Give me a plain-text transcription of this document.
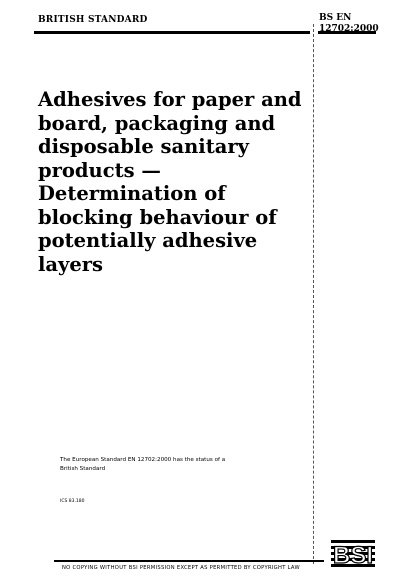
BRITISH STANDARD	BS EN
12702:2000
Adhesives for paper and
board, packaging and
disposable sanitary
products —
Determination of
blocking behaviour of
potentially adhesive
layers
The European Standard EN 12702:2000 has the status of a
British Standard
ICS 83.180
NO COPYING WITHOUT BSI PERMISSION EXCEPT AS PERMITTED BY COPYRIGHT LAW BSI
